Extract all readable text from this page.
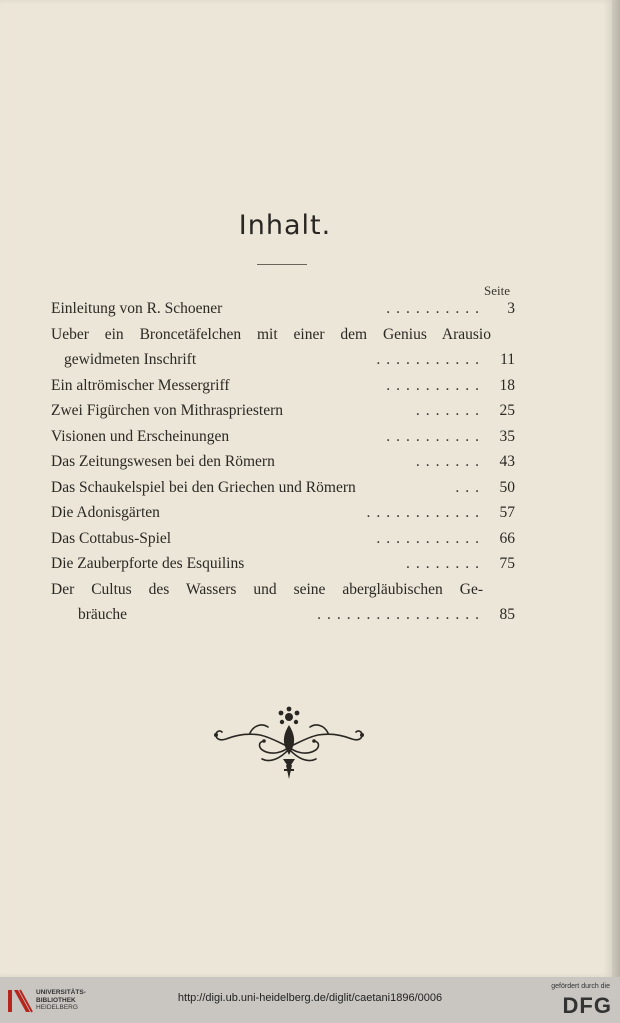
Inhalt.
Seite
Einleitung von R. Schoener	..........	3
Ueber ein Broncetäfelchen mit einer dem Genius Arausio
gewidmeten Inschrift	........... 11
Ein altrömischer Messergriff	.......... 18
Zwei Figürchen von Mithraspriestern	....... 25
Visionen und Erscheinungen	.......... 35
Das Zeitungswesen bei den Römern	....... 43
Das Schaukelspiel bei den Griechen und Römern	... 50
Die Adonisgärten	............ 57
Das Cottabus-Spiel	........... 66
Die Zauberpforte des Esquilins	........ 75
Der Cultus des Wassers und seine abergläubischen Ge-
bräuche	................. 85
UNIVERSITÄTS-
BIBLIOTHEK
HEIDELBERG
http://digi.ub.uni-heidelberg.de/diglit/caetani1896/0006
gefördert durch die
DFG
